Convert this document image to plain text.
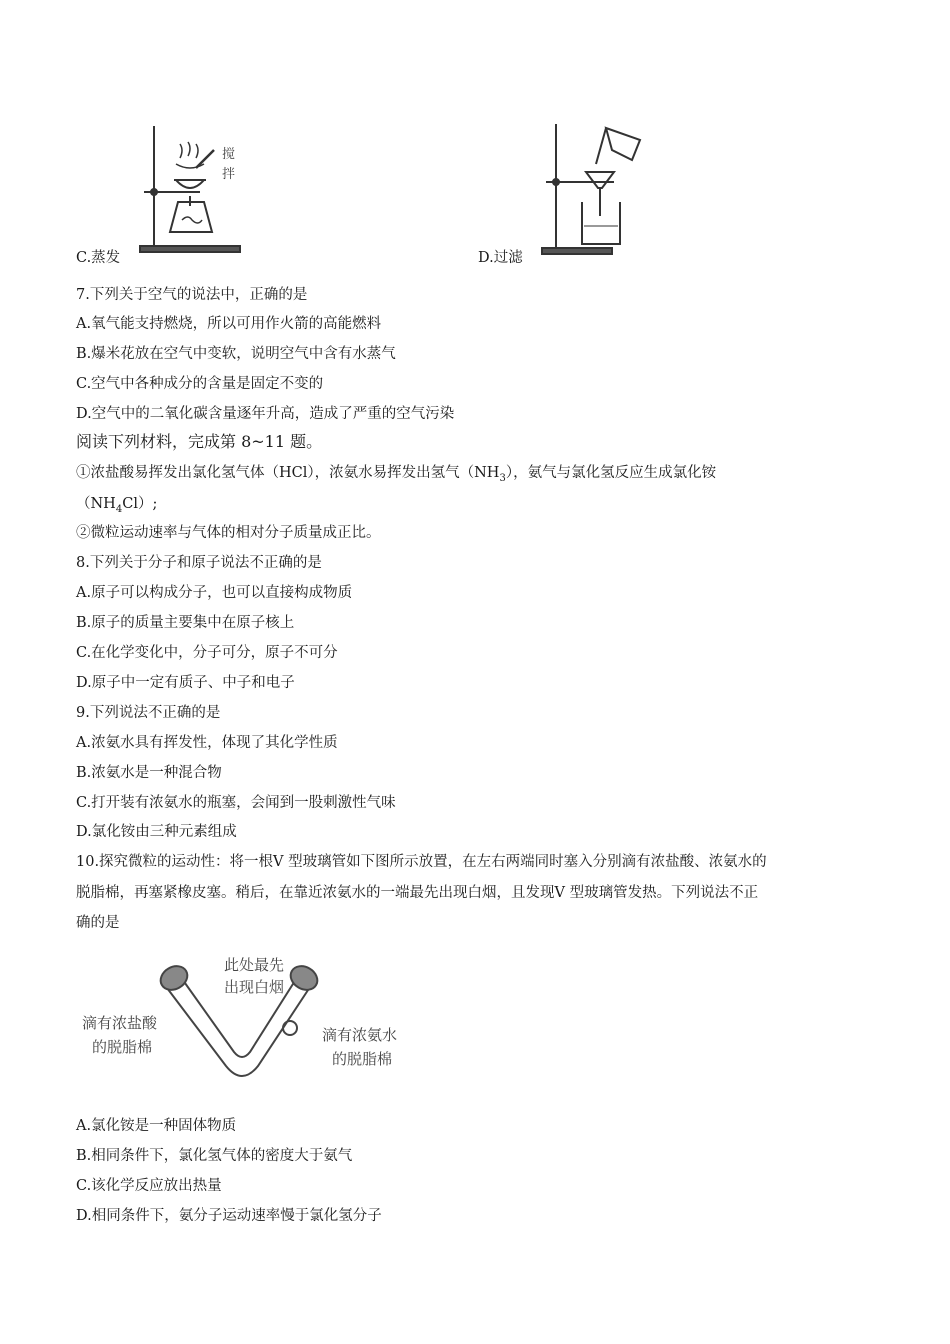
搅
拌
C.蒸发	D.过滤
7.下列关于空气的说法中，正确的是
A.氧气能支持燃烧，所以可用作火箭的高能燃料
B.爆米花放在空气中变软，说明空气中含有水蒸气
C.空气中各种成分的含量是固定不变的
D.空气中的二氧化碳含量逐年升高，造成了严重的空气污染
阅读下列材料，完成第 8~11 题。
①浓盐酸易挥发出氯化氢气体（HCl），浓氨水易挥发出氢气$(NH_3)$，氨气与氯化氢反应生成氯化铵
$(NH_4Cl)$;
②微粒运动速率与气体的相对分子质量成正比。
8.下列关于分子和原子说法不正确的是
A.原子可以构成分子，也可以直接构成物质
B.原子的质量主要集中在原子核上
C.在化学变化中，分子可分，原子不可分
D.原子中一定有质子、中子和电子
9.下列说法不正确的是
A.浓氨水具有挥发性，体现了其化学性质
B.浓氨水是一种混合物
C.打开装有浓氨水的瓶塞，会闻到一股刺激性气味
D.氯化铵由三种元素组成
10.探究微粒的运动性：将一根V 型玻璃管如下图所示放置，在左右两端同时塞入分别滴有浓盐酸、浓氨水的
脱脂棉，再塞紧橡皮塞。稍后，在靠近浓氨水的一端最先出现白烟，且发现V 型玻璃管发热。下列说法不正
确的是
此处最先
出现白烟
滴有浓盐酸
的脱脂棉
滴有浓氨水
的脱脂棉
A.氯化铵是一种固体物质
B.相同条件下，氯化氢气体的密度大于氨气
C.该化学反应放出热量
D.相同条件下，氨分子运动速率慢于氯化氢分子
